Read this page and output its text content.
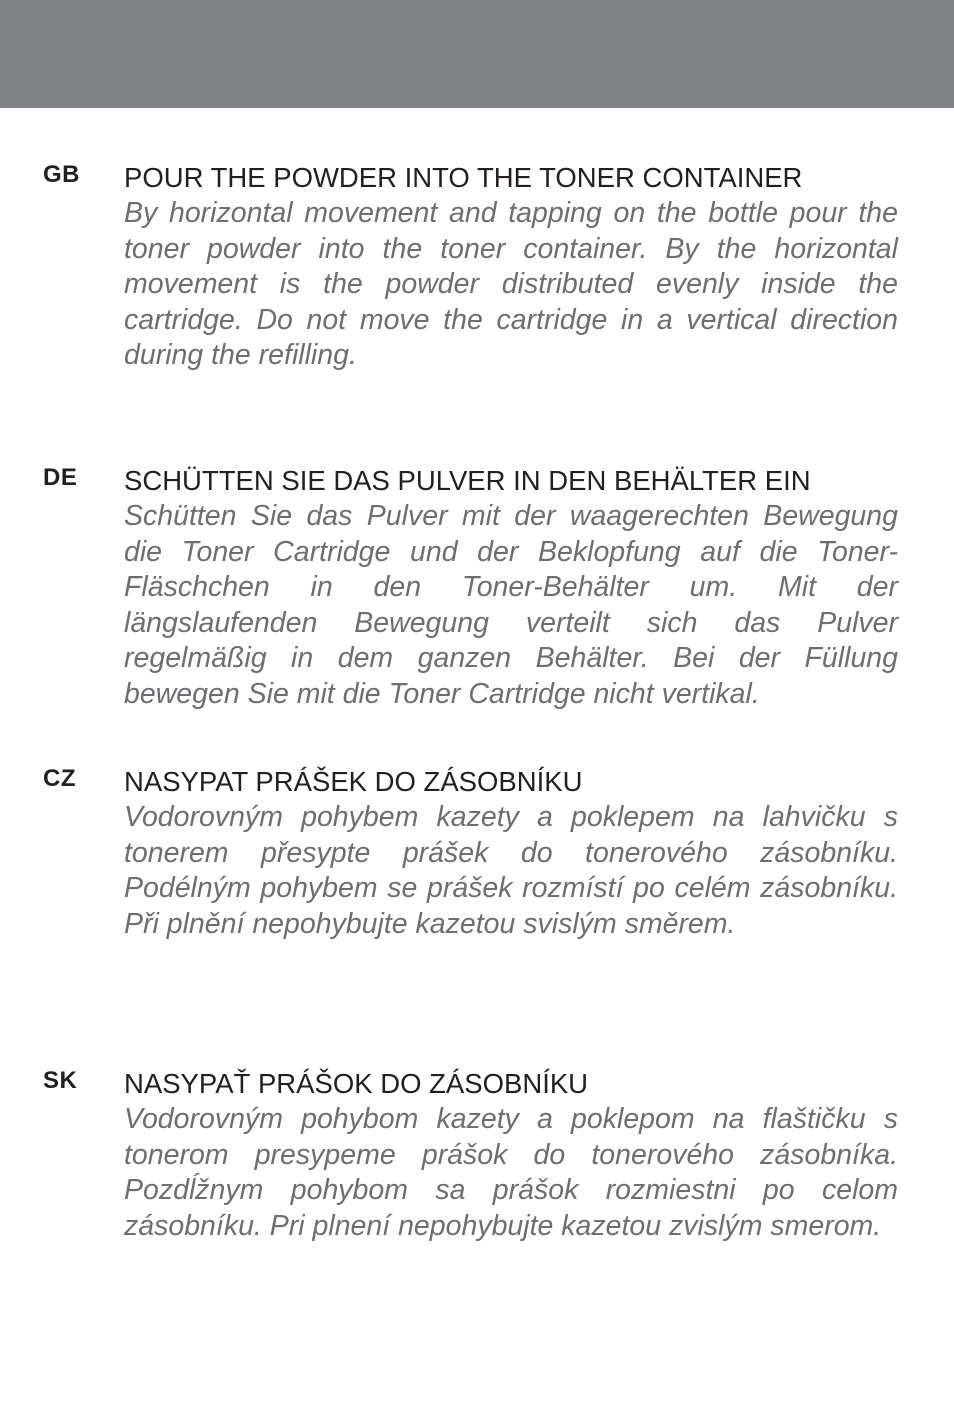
GB POUR THE POWDER INTO THE TONER CONTAINER

By horizontal movement and tapping on the bottle pour the toner powder into the toner container. By the horizontal movement is the powder distributed evenly inside the cartridge. Do not move the cartridge in a vertical direction during the refilling.

DE SCHÜTTEN SIE DAS PULVER IN DEN BEHÄLTER EIN

Schütten Sie das Pulver mit der waagerechten Bewegung die Toner Cartridge und der Beklopfung auf die Toner-Fläschchen in den Toner-Behälter um. Mit der längslaufenden Bewegung verteilt sich das Pulver regelmäßig in dem ganzen Behälter. Bei der Füllung bewegen Sie mit die Toner Cartridge nicht vertikal.

CZ NASYPAT PRÁŠEK DO ZÁSOBNÍKU

Vodorovným pohybem kazety a poklepem na lahvičku s tonerem přesypte prášek do tonerového zásobníku. Podélným pohybem se prášek rozmístí po celém zásobníku. Při plnění nepohybujte kazetou svislým směrem.

SK NASYPAŤ PRÁŠOK DO ZÁSOBNÍKU

Vodorovným pohybom kazety a poklepom na flaštičku s tonerom presypeme prášok do tonerového zásobníka. Pozdĺžnym pohybom sa prášok rozmiestni po celom zásobníku. Pri plnení nepohybujte kazetou zvislým smerom.
